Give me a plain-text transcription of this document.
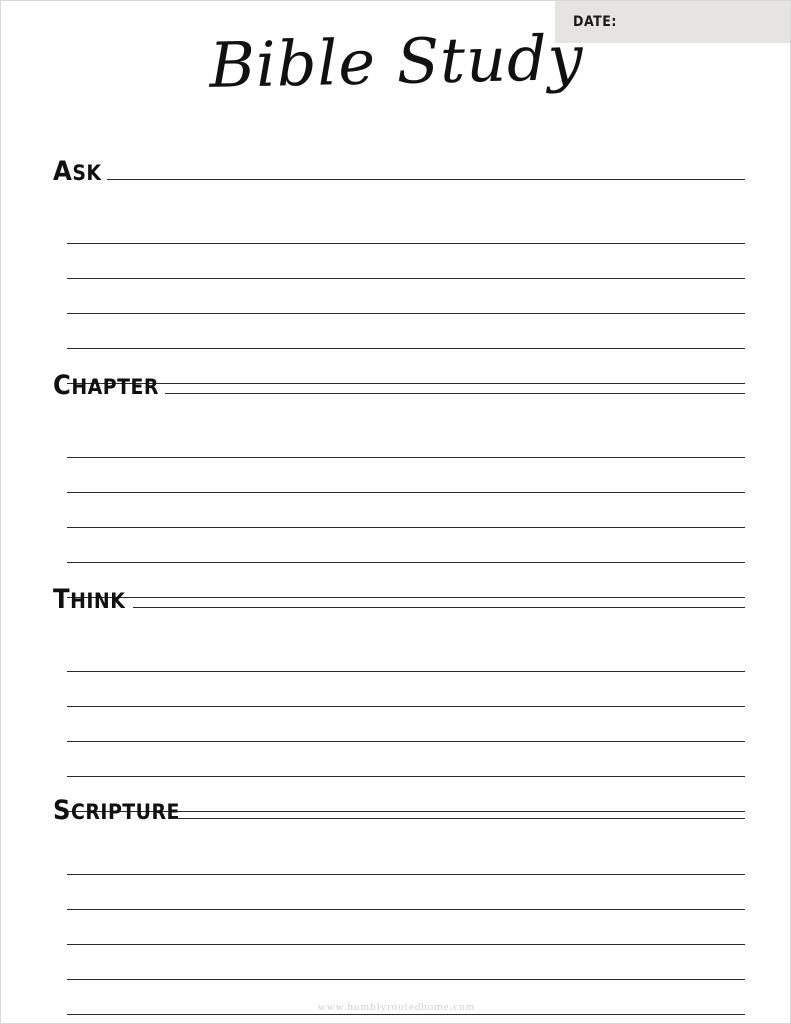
DATE:
Bible Study
ASK
CHAPTER
THINK
SCRIPTURE
www.humblyrootedhome.com
